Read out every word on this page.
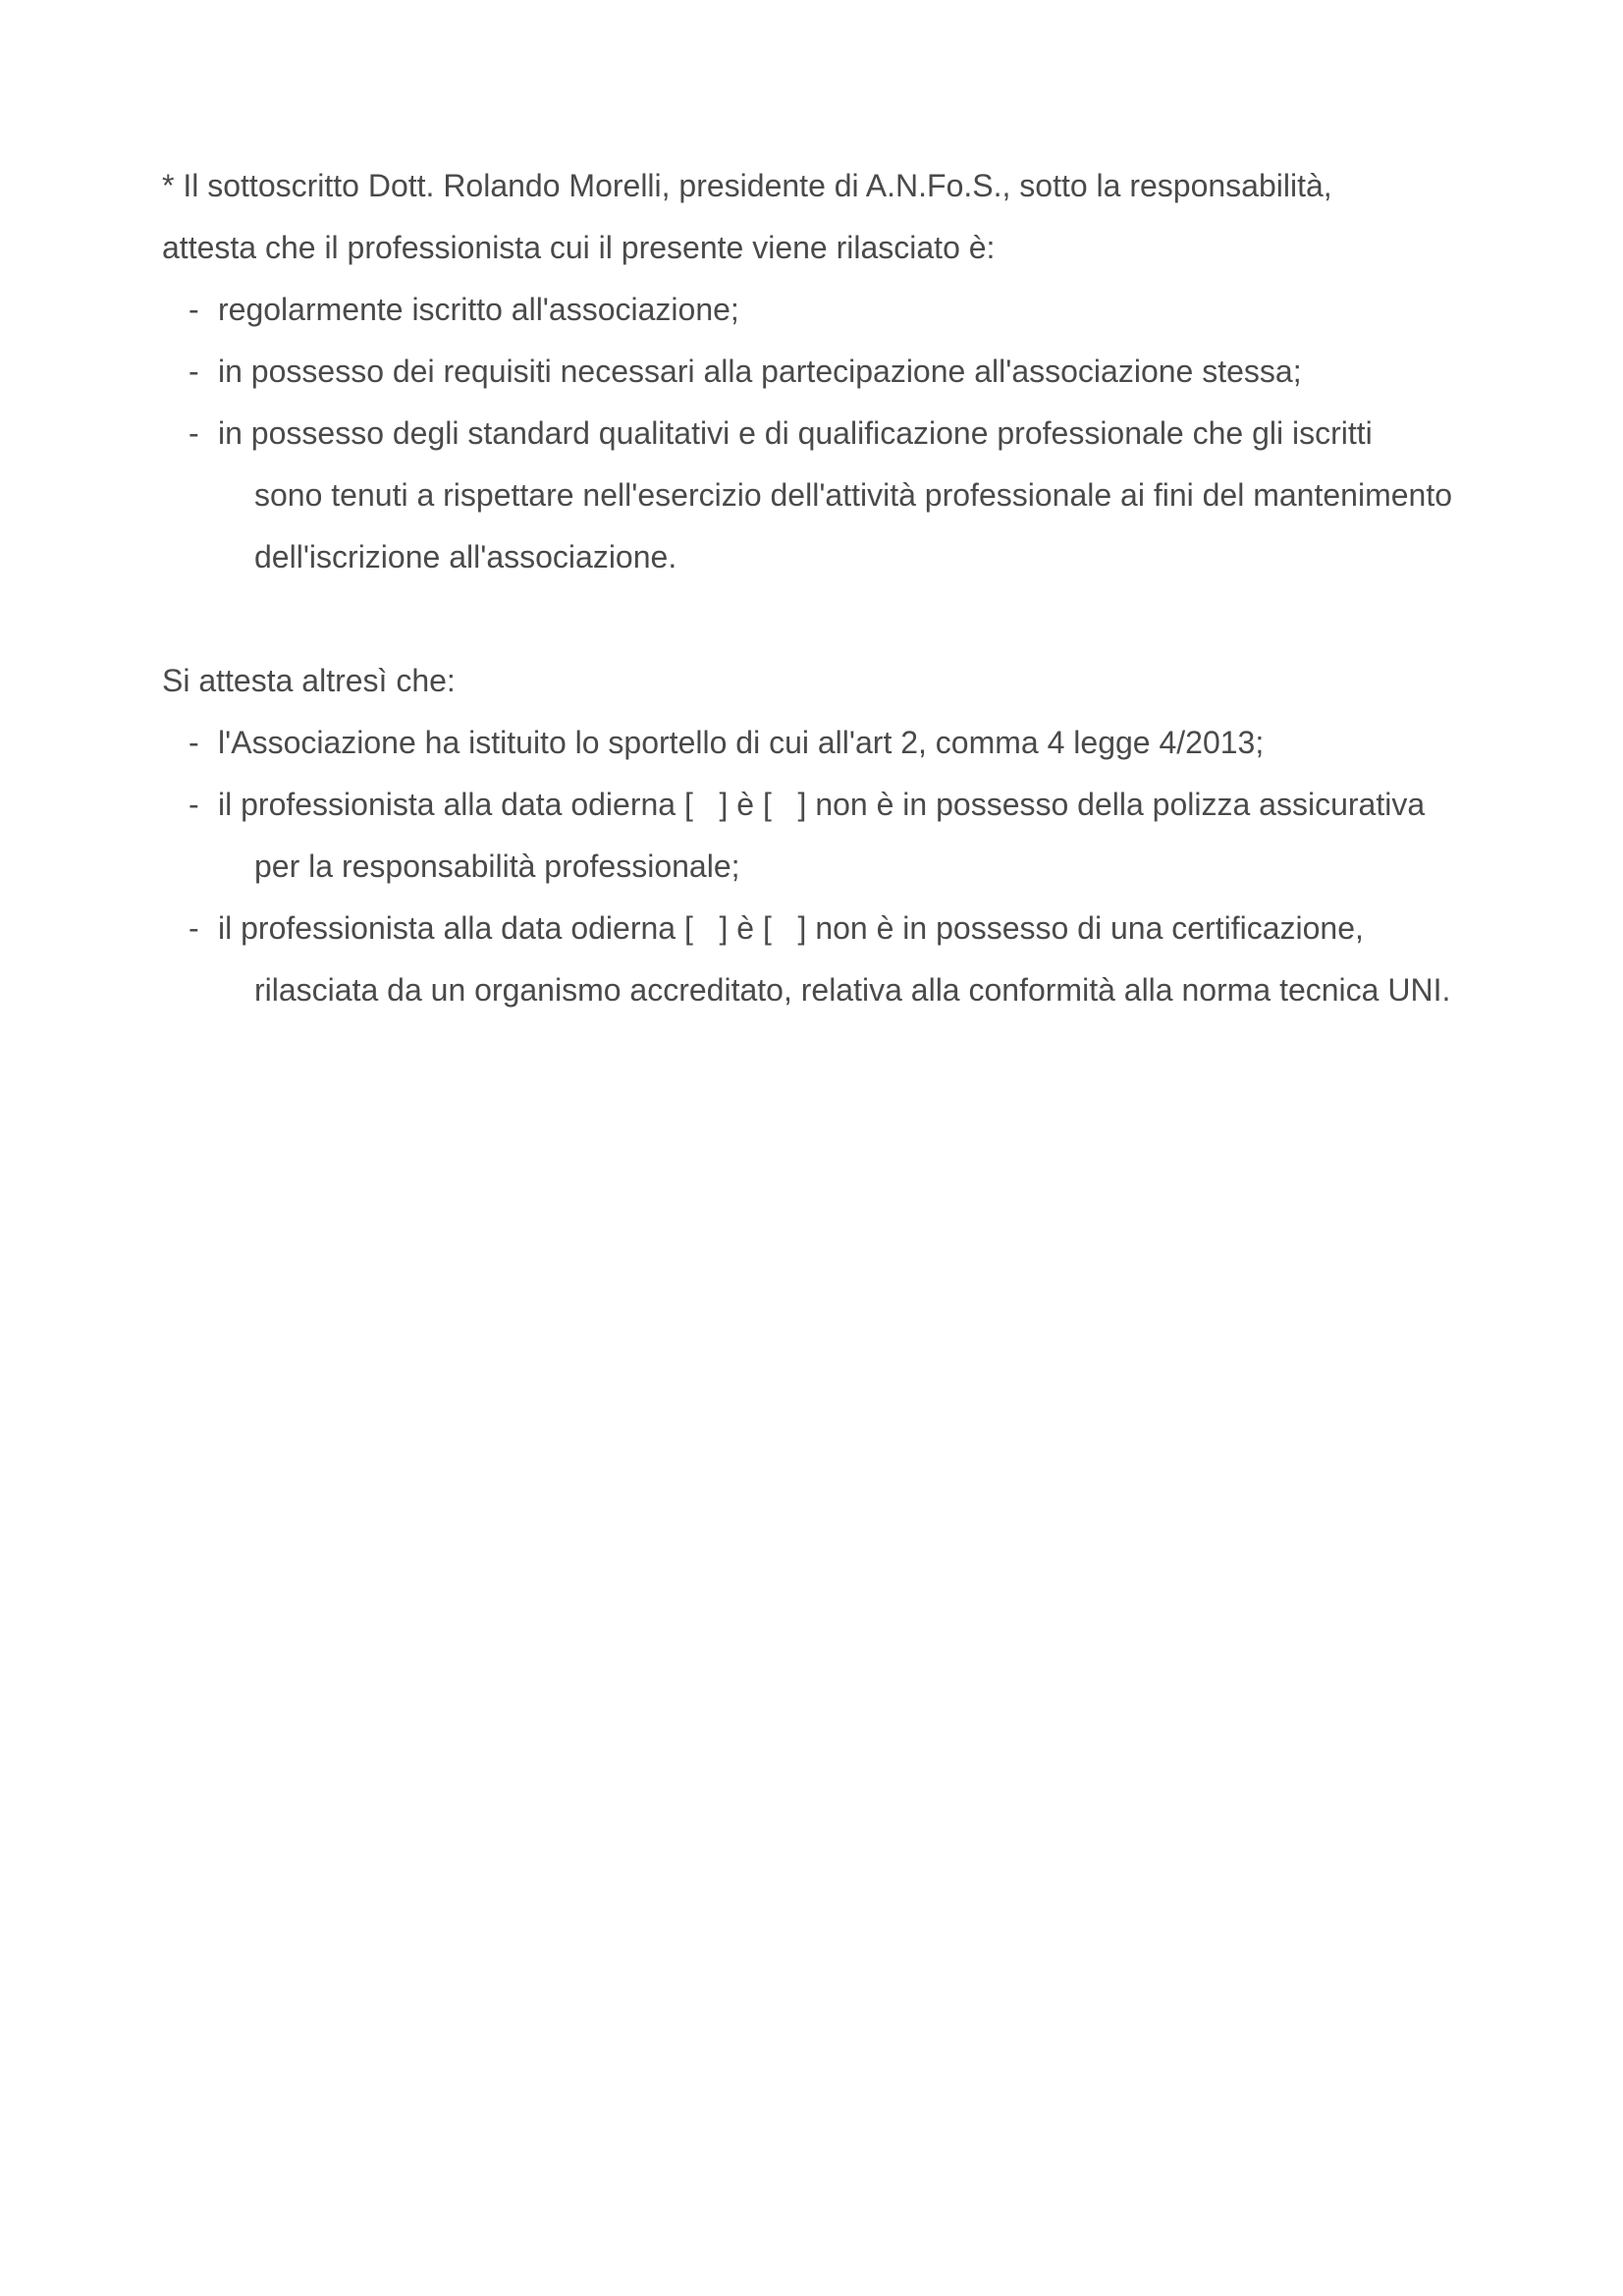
* Il sottoscritto Dott. Rolando Morelli, presidente di A.N.Fo.S., sotto la responsabilità,
attesta che il professionista cui il presente viene rilasciato è:
- regolarmente iscritto all'associazione;
- in possesso dei requisiti necessari alla partecipazione all'associazione stessa;
- in possesso degli standard qualitativi e di qualificazione professionale che gli iscritti
sono tenuti a rispettare nell'esercizio dell'attività professionale ai fini del mantenimento
dell'iscrizione all'associazione.
Si attesta altresì che:
- l'Associazione ha istituito lo sportello di cui all'art 2, comma 4 legge 4/2013;
- il professionista alla data odierna [   ] è [   ] non è in possesso della polizza assicurativa
per la responsabilità professionale;
- il professionista alla data odierna [   ] è [   ] non è in possesso di una certificazione,
rilasciata da un organismo accreditato, relativa alla conformità alla norma tecnica UNI.
